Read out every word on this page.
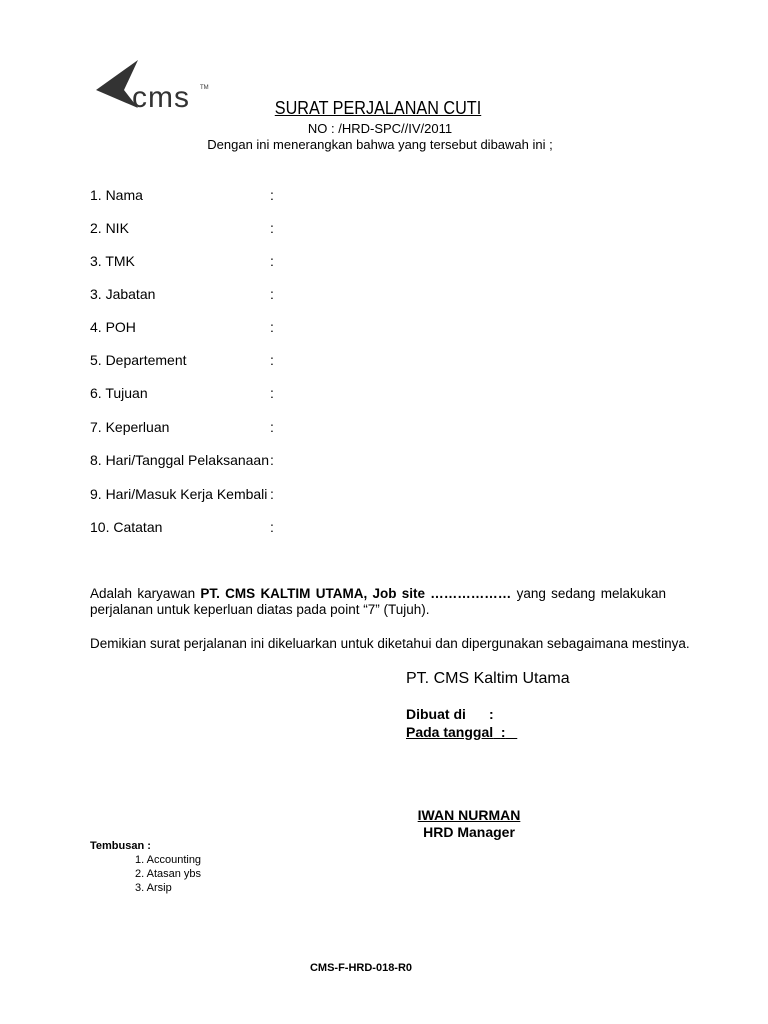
cms TM
SURAT PERJALANAN CUTI
NO : /HRD-SPC//IV/2011
Dengan ini menerangkan bahwa yang tersebut dibawah ini ;
1. Nama	:
2. NIK	:
3. TMK	:
3. Jabatan	:
4. POH	:
5. Departement	:
6. Tujuan	:
7. Keperluan	:
8. Hari/Tanggal Pelaksanaan :
9. Hari/Masuk Kerja Kembali :
10. Catatan	:
Adalah karyawan PT. CMS KALTIM UTAMA, Job site ……………… yang sedang melakukan
perjalanan untuk keperluan diatas pada point “7” (Tujuh).
Demikian surat perjalanan ini dikeluarkan untuk diketahui dan dipergunakan sebagaimana mestinya.
PT. CMS Kaltim Utama
Dibuat di :
Pada tanggal :
IWAN NURMAN
HRD Manager
Tembusan :
1. Accounting
2. Atasan ybs
3. Arsip
CMS-F-HRD-018-R0
